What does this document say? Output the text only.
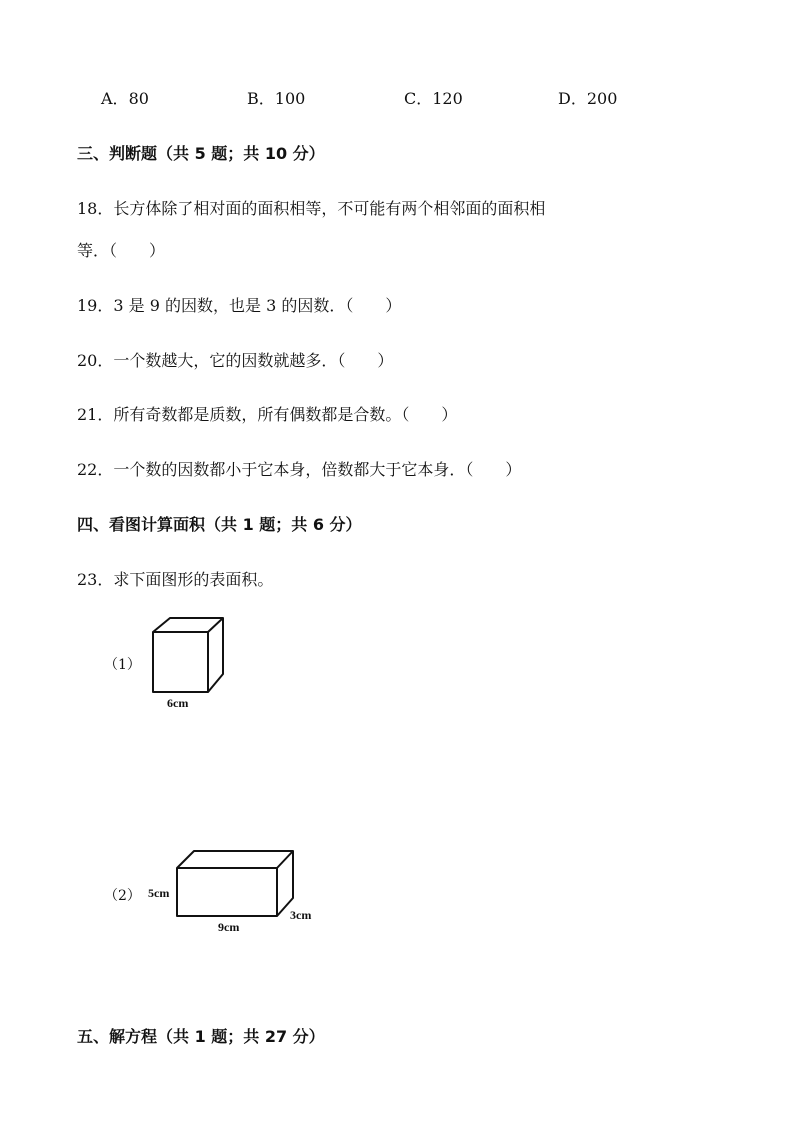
A．80	B．100	C．120	D．200
三、判断题（共 5 题；共 10 分）
18．长方体除了相对面的面积相等，不可能有两个相邻面的面积相
等．（　　）
19．3 是 9 的因数，也是 3 的因数．（　　）
20．一个数越大，它的因数就越多．（　　）
21．所有奇数都是质数，所有偶数都是合数。（　　）
22．一个数的因数都小于它本身，倍数都大于它本身．（　　）
四、看图计算面积（共 1 题；共 6 分）
23．求下面图形的表面积。
（1）
6cm
（2） 5cm
9cm
3cm
五、解方程（共 1 题；共 27 分）
